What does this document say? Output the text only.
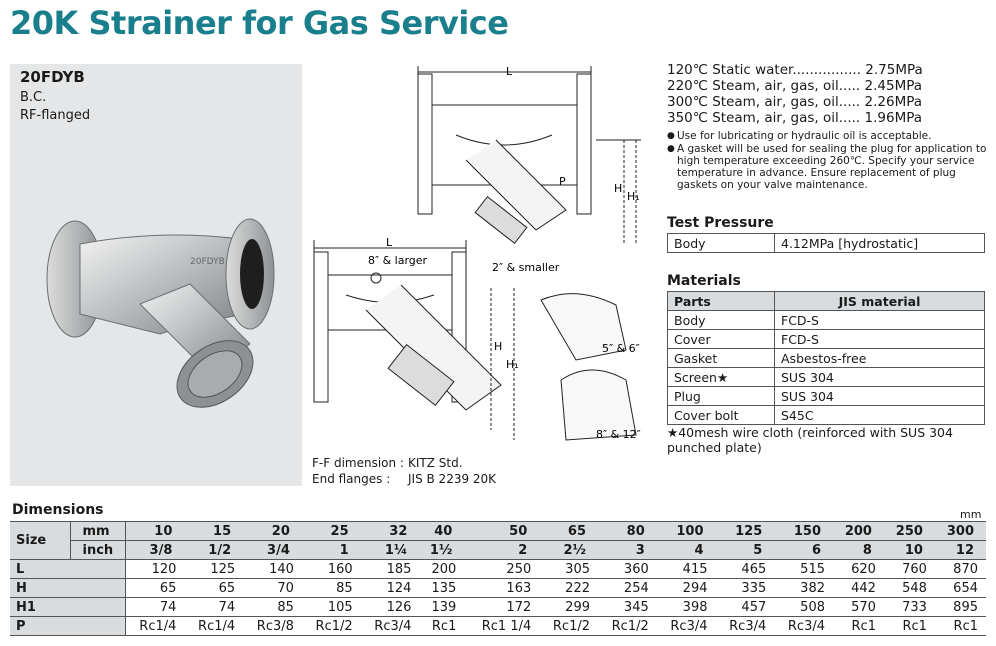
20K Strainer for Gas Service
20FDYB
B.C.
RF-flanged
20FDYB
L
H
H₁
P
2″ & smaller
L
8″ & larger
H
H₁
5″ & 6″
8″ & 12″
F-F dimension : KITZ Std.
End flanges : JIS B 2239 20K
120℃ Static water................ 2.75MPa
220℃ Steam, air, gas, oil..... 2.45MPa
300℃ Steam, air, gas, oil..... 2.26MPa
350℃ Steam, air, gas, oil..... 1.96MPa
● Use for lubricating or hydraulic oil is acceptable.
● A gasket will be used for sealing the plug for application to high temperature exceeding 260℃. Specify your service temperature in advance. Ensure replacement of plug gaskets on your valve maintenance.
Test Pressure
Body	4.12MPa [hydrostatic]
Materials
Parts	JIS material
Body	FCD-S
Cover	FCD-S
Gasket	Asbestos-free
Screen★	SUS 304
Plug	SUS 304
Cover bolt	S45C
★40mesh wire cloth (reinforced with SUS 304 punched plate)
Dimensions	mm
Size	mm	10	15	20	25	32	40	50	65	80	100	125	150	200	250	300
	inch	3/8	1/2	3/4	1	1¼	1½	2	2½	3	4	5	6	8	10	12
L		120	125	140	160	185	200	250	305	360	415	465	515	620	760	870
H		65	65	70	85	124	135	163	222	254	294	335	382	442	548	654
H1		74	74	85	105	126	139	172	299	345	398	457	508	570	733	895
P		Rc1/4	Rc1/4	Rc3/8	Rc1/2	Rc3/4	Rc1	Rc1 1/4	Rc1/2	Rc1/2	Rc3/4	Rc3/4	Rc3/4	Rc1	Rc1	Rc1
